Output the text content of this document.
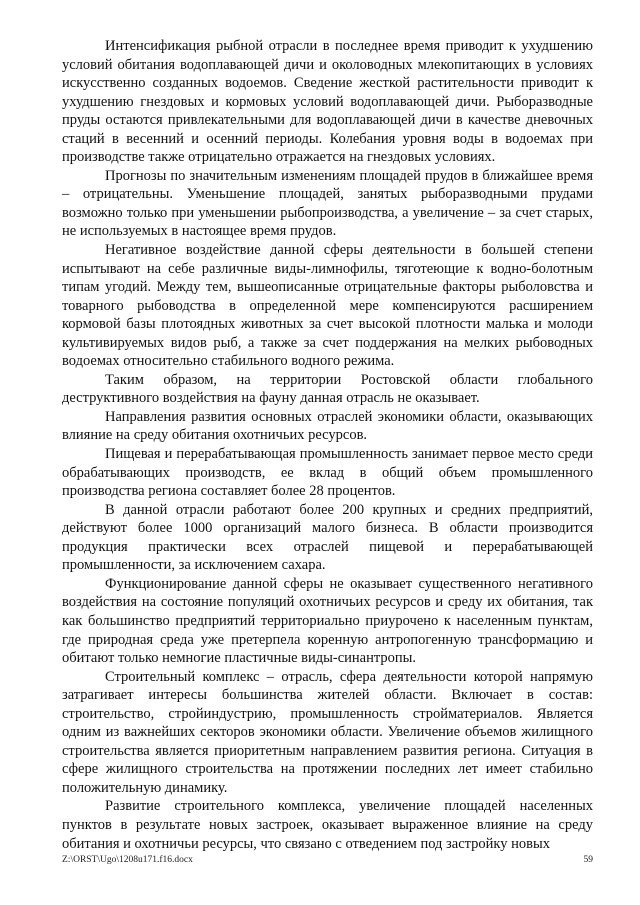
Интенсификация рыбной отрасли в последнее время приводит к ухудшению условий обитания водоплавающей дичи и околоводных млекопитающих в условиях искусственно созданных водоемов. Сведение жесткой растительности приводит к ухудшению гнездовых и кормовых условий водоплавающей дичи. Рыборазводные пруды остаются привлекательными для водоплавающей дичи в качестве дневочных стаций в весенний и осенний периоды. Колебания уровня воды в водоемах при производстве также отрицательно отражается на гнездовых условиях.

Прогнозы по значительным изменениям площадей прудов в ближайшее время – отрицательны. Уменьшение площадей, занятых рыборазводными прудами возможно только при уменьшении рыбопроизводства, а увеличение – за счет старых, не используемых в настоящее время прудов.

Негативное воздействие данной сферы деятельности в большей степени испытывают на себе различные виды-лимнофилы, тяготеющие к водно-болотным типам угодий. Между тем, вышеописанные отрицательные факторы рыболовства и товарного рыбоводства в определенной мере компенсируются расширением кормовой базы плотоядных животных за счет высокой плотности малька и молоди культивируемых видов рыб, а также за счет поддержания на мелких рыбоводных водоемах относительно стабильного водного режима.

Таким образом, на территории Ростовской области глобального деструктивного воздействия на фауну данная отрасль не оказывает.

Направления развития основных отраслей экономики области, оказывающих влияние на среду обитания охотничьих ресурсов.

Пищевая и перерабатывающая промышленность занимает первое место среди обрабатывающих производств, ее вклад в общий объем промышленного производства региона составляет более 28 процентов.

В данной отрасли работают более 200 крупных и средних предприятий, действуют более 1000 организаций малого бизнеса. В области производится продукция практически всех отраслей пищевой и перерабатывающей промышленности, за исключением сахара.

Функционирование данной сферы не оказывает существенного негативного воздействия на состояние популяций охотничьих ресурсов и среду их обитания, так как большинство предприятий территориально приурочено к населенным пунктам, где природная среда уже претерпела коренную антропогенную трансформацию и обитают только немногие пластичные виды-синантропы.

Строительный комплекс – отрасль, сфера деятельности которой напрямую затрагивает интересы большинства жителей области. Включает в состав: строительство, стройиндустрию, промышленность стройматериалов. Является одним из важнейших секторов экономики области. Увеличение объемов жилищного строительства является приоритетным направлением развития региона. Ситуация в сфере жилищного строительства на протяжении последних лет имеет стабильно положительную динамику.

Развитие строительного комплекса, увеличение площадей населенных пунктов в результате новых застроек, оказывает выраженное влияние на среду обитания и охотничьи ресурсы, что связано с отведением под застройку новых

Z:\ORST\Ugo\1208u171.f16.docx	59
